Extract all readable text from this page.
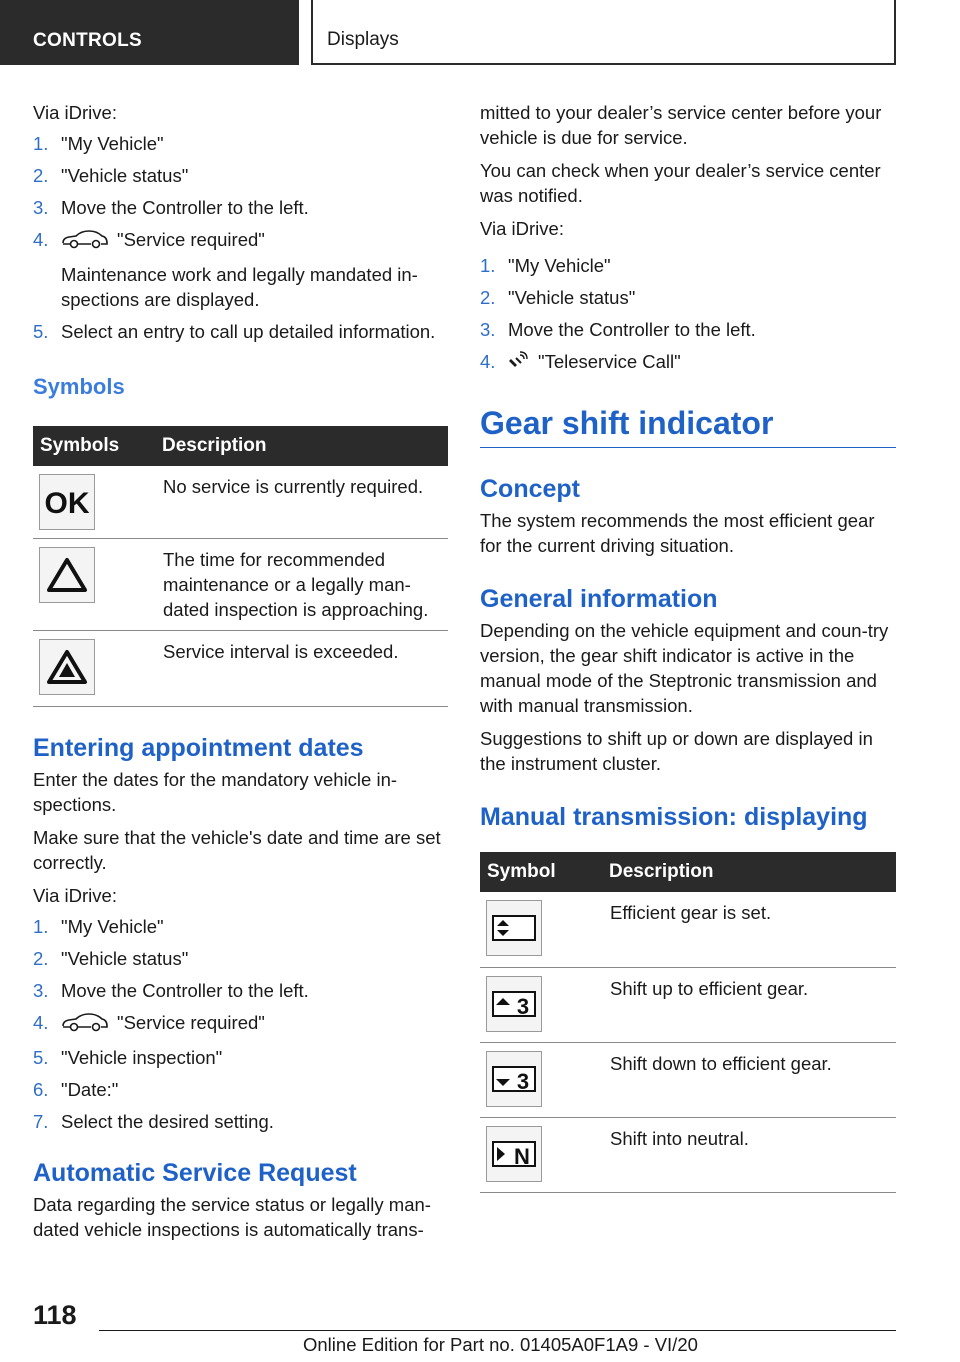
CONTROLS	Displays

Via iDrive:

1. "My Vehicle"
2. "Vehicle status"
3. Move the Controller to the left.
4.	"Service required"
Maintenance work and legally mandated in-spections are displayed.
5. Select an entry to call up detailed information.
Symbols
Symbols	Description

OK	No service is currently required.

	The time for recommended maintenance or a legally man-dated inspection is approaching.

	Service interval is exceeded.
Entering appointment dates

Enter the dates for the mandatory vehicle in-spections.

Make sure that the vehicle's date and time are set correctly.

Via iDrive:

1. "My Vehicle"
2. "Vehicle status"
3. Move the Controller to the left.
4.	"Service required"
5. "Vehicle inspection"
6. "Date:"
7. Select the desired setting.
Automatic Service Request

Data regarding the service status or legally man-dated vehicle inspections is automatically trans-

mitted to your dealer’s service center before your vehicle is due for service.

You can check when your dealer’s service center was notified.

Via iDrive:

1. "My Vehicle"
2. "Vehicle status"
3. Move the Controller to the left.
4. "Teleservice Call"
Gear shift indicator
Concept

The system recommends the most efficient gear for the current driving situation.

General information

Depending on the vehicle equipment and coun-try version, the gear shift indicator is active in the manual mode of the Steptronic transmission and with manual transmission.

Suggestions to shift up or down are displayed in the instrument cluster.

Manual transmission: displaying
Symbol	Description

	Efficient gear is set.

3	Shift up to efficient gear.

3	Shift down to efficient gear.

N	Shift into neutral.
118
Online Edition for Part no. 01405A0F1A9 - VI/20
